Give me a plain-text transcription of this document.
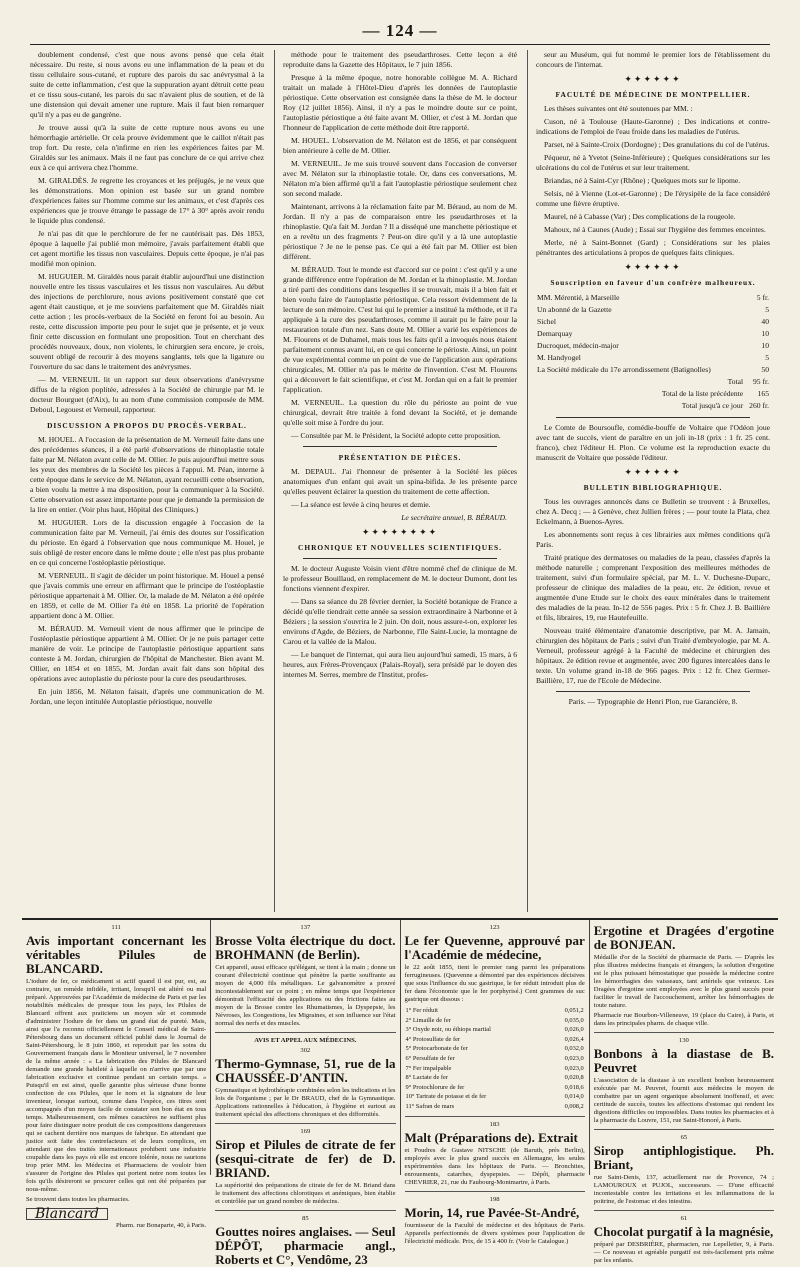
— 124 —

doublement condensé, c'est que nous avons pensé que cela était nécessaire. Du reste, si nous avons eu une inflammation de la peau et du tissu cellulaire sous-cutané, et rupture des parois du sac anévrysmal à la suite de cette inflammation, c'est que la suppuration ayant détruit cette peau et ce tissu sous-cutané, les parois du sac n'avaient plus de soutien, et de là une distension qui devait amener une rupture. Mais il faut bien remarquer qu'il n'y a pas eu de gangrène.

Je trouve aussi qu'à la suite de cette rupture nous avons eu une hémorrhagie artérielle. Or cela prouve évidemment que le caillot n'était pas trop fort. Du reste, cela n'infirme en rien les expériences faites par M. Giraldès sur les animaux. Mais il ne faut pas conclure de ce qui arrive chez eux à ce qui arrivera chez l'homme.

M. GIRALDÈS. Je regrette les croyances et les préjugés, je ne veux que les démonstrations. Mon opinion est basée sur un grand nombre d'expériences faites sur l'homme comme sur les animaux, et c'est d'après ces expériences que je trouve étrange le passage de 17° à 30° après avoir rendu le liquide plus condensé.

Je n'ai pas dit que le perchlorure de fer ne cautérisait pas. Dès 1853, époque à laquelle j'ai publié mon mémoire, j'avais parfaitement établi que cet agent mortifie les tissus non vasculaires. Depuis cette époque, je n'ai pas modifié mon opinion.

M. HUGUIER. M. Giraldès nous parait établir aujourd'hui une distinction nouvelle entre les tissus vasculaires et les tissus non vasculaires. Au début des injections de perchlorure, nous avions positivement constaté que cet agent était caustique, et je me souviens parfaitement que M. Giraldès niait cette action ; les procès-verbaux de la Société en feront foi au besoin. Au reste, cette discussion importe peu pour le sujet que je présente, et je veux finir cette discussion en formulant une proposition. Tout en cherchant des procédés nouveaux, doux, non violents, le chirurgien sera encore, je crois, souvent obligé de recourir à des moyens sanglants, tels que la ligature ou l'ouverture du sac dans le traitement des anévrysmes.

— M. VERNEUIL lit un rapport sur deux observations d'anévrysme diffus de la région poplitée, adressées à la Société de chirurgie par M. le docteur Bourguet (d'Aix), lu au nom d'une commission composée de MM. Deboul, Legouest et Verneuil, rapporteur.

DISCUSSION A PROPOS DU PROCÈS-VERBAL.

M. HOUEL. A l'occasion de la présentation de M. Verneuil faite dans une des précédentes séances, il a été parlé d'observations de rhinoplastie totale faite par M. Nélaton avant celle de M. Ollier. Je puis aujourd'hui mettre sous les yeux des membres de la Société les pièces à l'appui. M. Péan, interne à cette époque dans le service de M. Nélaton, ayant recueilli cette observation, a bien voulu la mettre à ma disposition, pour la communiquer à la Société. Cette observation est assez importante pour que je demande la permission de la lire en entier. (Voir plus haut, Hôpital des Cliniques.)

M. HUGUIER. Lors de la discussion engagée à l'occasion de la communication faite par M. Verneuil, j'ai émis des doutes sur l'ossification du périoste. En égard à l'observation que nous communique M. Houel, je suis obligé de rester encore dans le même doute ; elle n'est pas plus probante en ce qui concerne l'ostéoplastie périostique.

M. VERNEUIL. Il s'agit de décider un point historique. M. Houel a pensé que j'avais commis une erreur en affirmant que le principe de l'ostéoplastie périostique appartenait à M. Ollier. Or, la malade de M. Nélaton a été opérée en 1859, et celle de M. Ollier l'a été en 1858. La priorité de l'opération appartient donc à M. Ollier.

M. BÉRAUD. M. Verneuil vient de nous affirmer que le principe de l'ostéoplastie périostique appartient à M. Ollier. Or je ne puis partager cette manière de voir. Le principe de l'autoplastie périostique appartient sans conteste à M. Jordan, chirurgien de l'hôpital de Manchester. Bien avant M. Ollier, en 1854 et en 1855, M. Jordan avait fait dans son hôpital des opérations avec autoplastie du périoste pour la cure des pseudarthroses.

En juin 1856, M. Nélaton faisait, d'après une communication de M. Jordan, une leçon intitulée Autoplastie périostique, nouvelle

méthode pour le traitement des pseudarthroses. Cette leçon a été reproduite dans la Gazette des Hôpitaux, le 7 juin 1856.

Presque à la même époque, notre honorable collègue M. A. Richard traitait un malade à l'Hôtel-Dieu d'après les données de l'autoplastie périostique. Cette observation est consignée dans la thèse de M. le docteur Roy (12 juillet 1856). Ainsi, il n'y a pas le moindre doute sur ce point, l'autoplastie périostique a été faite avant M. Ollier, et c'est à M. Jordan que l'honneur de l'application de cette méthode doit être rapporté.

M. HOUEL. L'observation de M. Nélaton est de 1856, et par conséquent bien antérieure à celle de M. Ollier.

M. VERNEUIL. Je me suis trouvé souvent dans l'occasion de converser avec M. Nélaton sur la rhinoplastie totale. Or, dans ces conversations, M. Nélaton m'a bien affirmé qu'il a fait l'autoplastie périostique seulement chez son second malade.

Maintenant, arrivons à la réclamation faite par M. Béraud, au nom de M. Jordan. Il n'y a pas de comparaison entre les pseudarthroses et la rhinoplastie. Qu'a fait M. Jordan ? Il a disséqué une manchette périostique et en a revêtu un des fragments ? Peut-on dire qu'il y a là une autoplastie périostique ? Je ne le pense pas. Ce qui a été fait par M. Ollier est bien différent.

M. BÉRAUD. Tout le monde est d'accord sur ce point : c'est qu'il y a une grande différence entre l'opération de M. Jordan et la rhinoplastie. M. Jordan a tiré parti des conditions dans lesquelles il se trouvait, mais il a bien fait et bien voulu faire de l'autoplastie périostique. Cela ressort évidemment de la lecture de son mémoire. C'est lui qui le premier a institué la méthode, et il l'a appliquée à la cure des pseudarthroses, comme il aurait pu le faire pour la restauration totale d'un nez. Sans doute M. Ollier a varié les expériences de M. Flourens et de Duhamel, mais tous les faits qu'il a invoqués nous étaient parfaitement connus avant lui, en ce qui concerne le périoste. Ainsi, un point de vue expérimental comme un point de vue de l'application aux opérations chirurgicales, M. Ollier n'a pas le mérite de l'invention. C'est M. Flourens qui a découvert le fait scientifique, et c'est M. Jordan qui en a fait le premier l'application.

M. VERNEUIL. La question du rôle du périoste au point de vue chirurgical, devrait être traitée à fond devant la Société, et je demande qu'elle soit mise à l'ordre du jour.

— Consultée par M. le Président, la Société adopte cette proposition.

PRÉSENTATION DE PIÈCES.

M. DEPAUL. J'ai l'honneur de présenter à la Société les pièces anatomiques d'un enfant qui avait un spina-bifida. Je les présente parce qu'elles peuvent éclairer la question du traitement de cette affection.

— La séance est levée à cinq heures et demie.

Le secrétaire annuel, B. BÉRAUD.
✦✦✦✦✦✦✦✦
CHRONIQUE ET NOUVELLES SCIENTIFIQUES.

M. le docteur Auguste Voisin vient d'être nommé chef de clinique de M. le professeur Bouillaud, en remplacement de M. le docteur Dumont, dont les fonctions viennent d'expirer.

— Dans sa séance du 28 février dernier, la Société botanique de France a décidé qu'elle tiendrait cette année sa session extraordinaire à Narbonne et à Béziers ; la session s'ouvrira le 2 juin. On doit, nous assure-t-on, explorer les environs d'Agde, de Béziers, de Narbonne, l'île Saint-Lucie, la montagne de Carou et la vallée de la Malou.

— Le banquet de l'internat, qui aura lieu aujourd'hui samedi, 15 mars, à 6 heures, aux Frères-Provençaux (Palais-Royal), sera présidé par le doyen des internes M. Serres, membre de l'Institut, profes-

seur au Muséum, qui fut nommé le premier lors de l'établissement du concours de l'internat.

✦✦✦✦✦✦
FACULTÉ DE MÉDECINE DE MONTPELLIER.

Les thèses suivantes ont été soutenues par MM. :

Cuson, né à Toulouse (Haute-Garonne) ; Des indications et contre-indications de l'emploi de l'eau froide dans les maladies de l'utérus.

Parset, né à Sainte-Croix (Dordogne) ; Des granulations du col de l'utérus.

Péqueur, né à Yvetot (Seine-Inférieure) ; Quelques considérations sur les ulcérations du col de l'utérus et sur leur traitement.

Briandas, né à Saint-Cyr (Rhône) ; Quelques mots sur le lipome.

Selsis, né à Vienne (Lot-et-Garonne) ; De l'érysipèle de la face considéré comme une fièvre éruptive.

Maurel, né à Cabasse (Var) ; Des complications de la rougeole.

Mahoux, né à Caunes (Aude) ; Essai sur l'hygiène des femmes enceintes.

Merle, né à Saint-Bonnet (Gard) ; Considérations sur les plaies pénétrantes des articulations à propos de quelques faits cliniques.

✦✦✦✦✦✦
Souscription en faveur d'un confrère malheureux.
MM. Mérentié, à Marseille	5 fr.
Un abonné de la Gazette	5
Sichel	40
Demarquay	10
Ducroquet, médecin-major	10
M. Handyogel	5
La Société médicale du 17e arrondissement (Batignolles)	50
Total	95 fr.
Total de la liste précédente	165
Total jusqu'à ce jour	260 fr.

Le Comte de Boursoufle, comédie-bouffe de Voltaire que l'Odéon joue avec tant de succès, vient de paraître en un joli in-18 (prix : 1 fr. 25 cent. franco), chez l'éditeur H. Plon. Ce volume est la reproduction exacte du manuscrit de Voltaire que possède l'éditeur.

✦✦✦✦✦✦
BULLETIN BIBLIOGRAPHIQUE.

Tous les ouvrages annoncés dans ce Bulletin se trouvent : à Bruxelles, chez A. Decq ; — à Genève, chez Jullien frères ; — pour toute la Plata, chez Eckelmann, à Buenos-Ayres.

Les abonnements sont reçus à ces librairies aux mêmes conditions qu'à Paris.

Traité pratique des dermatoses ou maladies de la peau, classées d'après la méthode naturelle ; comprenant l'exposition des meilleures méthodes de traitement, suivi d'un formulaire spécial, par M. L. V. Duchesne-Duparc, professeur de clinique des maladies de la peau, etc. 2e édition, revue et augmentée d'une Etude sur le choix des eaux minérales dans le traitement des maladies de la peau. In-12 de 556 pages. Prix : 5 fr. Chez J. B. Baillière et fils, libraires, 19, rue Hautefeuille.

Nouveau traité élémentaire d'anatomie descriptive, par M. A. Jamain, chirurgien des hôpitaux de Paris ; suivi d'un Traité d'embryologie, par M. A. Verneuil, professeur agrégé à la Faculté de médecine et chirurgien des hôpitaux. 2e édition revue et augmentée, avec 200 figures intercalées dans le texte. Un volume grand in-18 de 966 pages. Prix : 12 fr. Chez Germer-Baillière, 17, rue de l'Ecole de Médecine.

Paris. — Typographie de Henri Plon, rue Garancière, 8.

111
Avis important concernant les véritables Pilules de BLANCARD.

L'iodure de fer, ce médicament si actif quand il est pur, est, au contraire, un remède infidèle, irritant, lorsqu'il est altéré ou mal préparé. Approuvées par l'Académie de médecine de Paris et par les notabilités médicales de presque tous les pays, les Pilules de Blancard offrent aux praticiens un moyen sûr et commode d'administrer l'iodure de fer dans un grand état de pureté. Mais, ainsi que l'a reconnu officiellement le Conseil médical de Saint-Pétersbourg dans un document officiel publié dans le Journal de Saint-Pétersbourg, le 8 juin 1860, et reproduit par les soins du Gouvernement français dans le Moniteur universel, le 7 novembre de la même année : « La fabrication des Pilules de Blancard demande une grande habileté à laquelle on n'arrive que par une fabrication exclusive et continue pendant un certain temps. » Puisqu'il en est ainsi, quelle garantie plus sérieuse d'une bonne confection de ces Pilules, que le nom et la signature de leur inventeur, lorsque surtout, comme dans l'espèce, ces titres sont accompagnés d'un moyen facile de constater son bon état en tous temps. Malheureusement, ces mêmes caractères ne suffisent plus pour faire distinguer notre produit de ces compositions dangereuses qui se cachent derrière nos marques de fabrique. En attendant que justice soit faite des contrefacteurs et de leurs complices, en attendant que des traités internationaux prohibent une industrie coupable dans les pays où elle est encore tolérée, nous ne saurions trop prier MM. les Médecins et Pharmaciens de vouloir bien s'assurer de l'origine des Pilules qui portent notre nom toutes les fois qu'ils désireront se procurer celles qui ont été préparées par nous-même.

Se trouvent dans toutes les pharmacies.

Blancard

Pharm. rue Bonaparte, 40, à Paris.

137
Brosse Volta électrique du doct. BROHMANN (de Berlin).

Cet appareil, aussi efficace qu'élégant, se tient à la main ; donne un courant d'électricité continue qui pénètre la partie souffrante au moyen de 4,000 fils métalliques. Le galvanomètre a prouvé incontestablement sur ce point ; en même temps que l'expérience démontrait l'efficacité des applications ou des frictions faites au moyen de la Brosse contre les Rhumatismes, la Dyspepsie, les Névroses, les Congestions, les Migraines, et son influence sur l'état normal des nerfs et des muscles.

AVIS ET APPEL AUX MÉDECINS.
302
Thermo-Gymnase, 51, rue de la CHAUSSÉE-D'ANTIN.

Gymnastique et hydrothérapie combinées selon les indications et les lois de l'organisme ; par le Dr BRAUD, chef de la Gymnastique. Applications rationnelles à l'éducation, à l'hygiène et surtout au traitement spécial des affections chroniques et des difformités.

169
Sirop et Pilules de citrate de fer (sesqui-citrate de fer) de D. BRIAND.

La supériorité des préparations de citrate de fer de M. Briand dans le traitement des affections chlorotiques et anémiques, bien établie et contrôlée par un grand nombre de médecins.

85
Gouttes noires anglaises. — Seul DÉPÔT, pharmacie angl., Roberts et C°, Vendôme, 23
123
Le fer Quevenne, approuvé par l'Académie de médecine,

le 22 août 1855, tient le premier rang parmi les préparations ferrugineuses. (Quevenne a démontré par des expériences décisives que sous l'influence du suc gastrique, le fer réduit introduit plus de fer dans l'économie que le fer porphyrisé.) Cent grammes de suc gastrique ont dissous :

1° Fer réduit	0,051,2
2° Limaille de fer	0,035,0
3° Oxyde noir, ou éthiops martial	0,026,0
4° Protosulfate de fer	0,026,4
5° Protocarbonate de fer	0,032,0
6° Persulfate de fer	0,023,0
7° Fer impalpable	0,023,0
8° Lactate de fer	0,020,8
9° Protochlorure de fer	0,018,6
10° Tartrate de potasse et de fer	0,014,0
11° Safran de mars	0,008,2
183
Malt (Préparations de). Extrait

et Poudres de Gustave NITSCHE (de Baruth, près Berlin), employés avec le plus grand succès en Allemagne, les seules expérimentées dans les hôpitaux de Paris. — Bronchites, enrouements, catarrhes, dyspepsies. — Dépôt, pharmacie CHEVRIER, 21, rue du Faubourg-Montmartre, à Paris.

198
Morin, 14, rue Pavée-St-André,

fournisseur de la Faculté de médecine et des hôpitaux de Paris. Appareils perfectionnés de divers systèmes pour l'application de l'électricité médicale. Prix, de 15 à 400 fr. (Voir le Catalogue.)

Ergotine et Dragées d'ergotine de BONJEAN.

Médaille d'or de la Société de pharmacie de Paris. — D'après les plus illustres médecins français et étrangers, la solution d'ergotine est le plus puissant hémostatique que possède la médecine contre les hémorrhagies des vaisseaux, tant artériels que veineux. Les Dragées d'ergotine sont employées avec le plus grand succès pour faciliter le travail de l'accouchement, arrêter les hémorrhagies de toute nature.

Pharmacie rue Bourbon-Villeneuve, 19 (place du Caire), à Paris, et dans les principales pharm. de chaque ville.

130
Bonbons à la diastase de B. Peuvret

L'association de la diastase à un excellent bonbon heureusement exécutée par M. Peuvret, fournit aux médecins le moyen de combattre par un agent organique absolument inoffensif, et avec certitude de succès, toutes les affections d'estomac qui rendent les digestions difficiles ou impossibles. Dans toutes les pharmacies et à la pharmacie du Louvre, 151, rue Saint-Honoré, à Paris.

65
Sirop antiphlogistique. Ph. Briant,

rue Saint-Denis, 137, actuellement rue de Provence, 74 ; LAMOUROUX et PUJOL, successeurs. — D'une efficacité incontestable contre les irritations et les inflammations de la poitrine, de l'estomac et des intestins.

61
Chocolat purgatif à la magnésie,

préparé par DESBRIÈRE, pharmacien, rue Lepelletier, 9, à Paris. — Ce nouveau et agréable purgatif est très-facilement pris même par les enfants.
